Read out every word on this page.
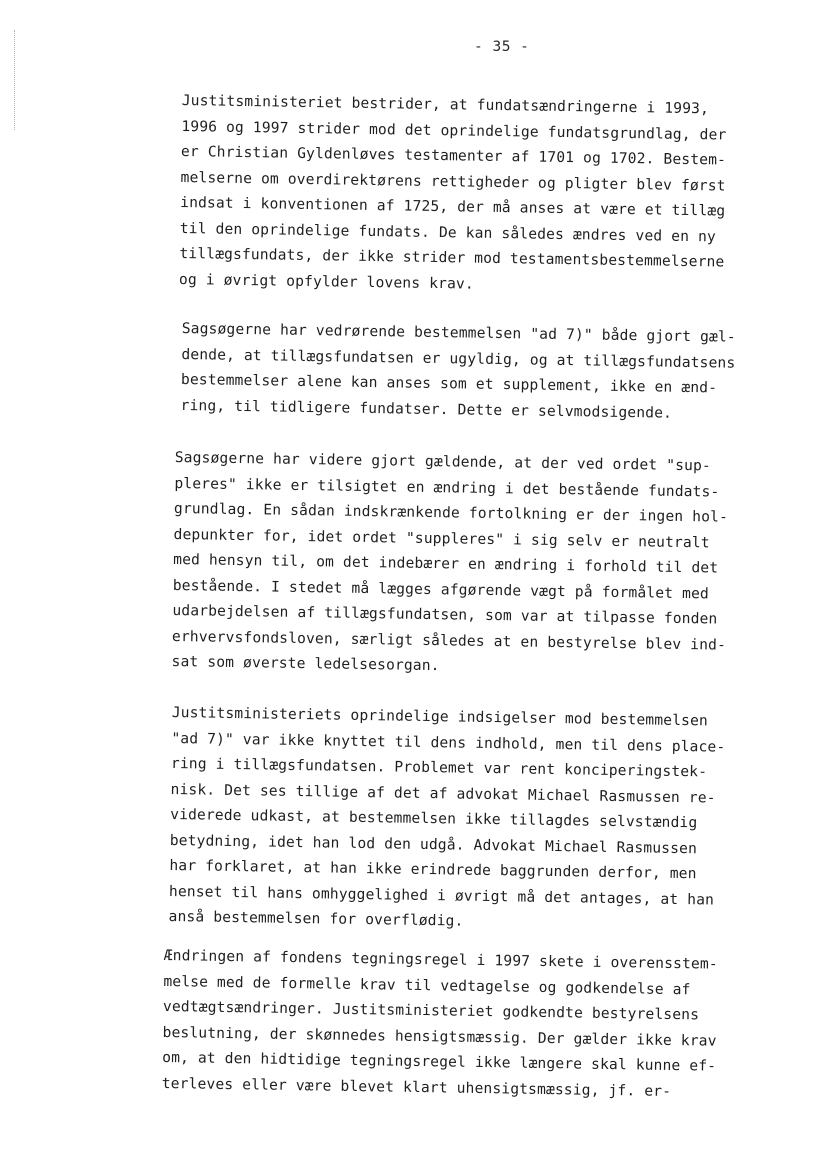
- 35 -
Justitsministeriet bestrider, at fundatsændringerne i 1993,
1996 og 1997 strider mod det oprindelige fundatsgrundlag, der
er Christian Gyldenløves testamenter af 1701 og 1702. Bestem-
melserne om overdirektørens rettigheder og pligter blev først
indsat i konventionen af 1725, der må anses at være et tillæg
til den oprindelige fundats. De kan således ændres ved en ny
tillægsfundats, der ikke strider mod testamentsbestemmelserne
og i øvrigt opfylder lovens krav.
Sagsøgerne har vedrørende bestemmelsen "ad 7)" både gjort gæl-
dende, at tillægsfundatsen er ugyldig, og at tillægsfundatsens
bestemmelser alene kan anses som et supplement, ikke en ænd-
ring, til tidligere fundatser. Dette er selvmodsigende.
Sagsøgerne har videre gjort gældende, at der ved ordet "sup-
pleres" ikke er tilsigtet en ændring i det bestående fundats-
grundlag. En sådan indskrænkende fortolkning er der ingen hol-
depunkter for, idet ordet "suppleres" i sig selv er neutralt
med hensyn til, om det indebærer en ændring i forhold til det
bestående. I stedet må lægges afgørende vægt på formålet med
udarbejdelsen af tillægsfundatsen, som var at tilpasse fonden
erhvervsfondsloven, særligt således at en bestyrelse blev ind-
sat som øverste ledelsesorgan.
Justitsministeriets oprindelige indsigelser mod bestemmelsen
"ad 7)" var ikke knyttet til dens indhold, men til dens place-
ring i tillægsfundatsen. Problemet var rent konciperingstek-
nisk. Det ses tillige af det af advokat Michael Rasmussen re-
viderede udkast, at bestemmelsen ikke tillagdes selvstændig
betydning, idet han lod den udgå. Advokat Michael Rasmussen
har forklaret, at han ikke erindrede baggrunden derfor, men
henset til hans omhyggelighed i øvrigt må det antages, at han
anså bestemmelsen for overflødig.
Ændringen af fondens tegningsregel i 1997 skete i overensstem-
melse med de formelle krav til vedtagelse og godkendelse af
vedtægtsændringer. Justitsministeriet godkendte bestyrelsens
beslutning, der skønnedes hensigtsmæssig. Der gælder ikke krav
om, at den hidtidige tegningsregel ikke længere skal kunne ef-
terleves eller være blevet klart uhensigtsmæssig, jf. er-
